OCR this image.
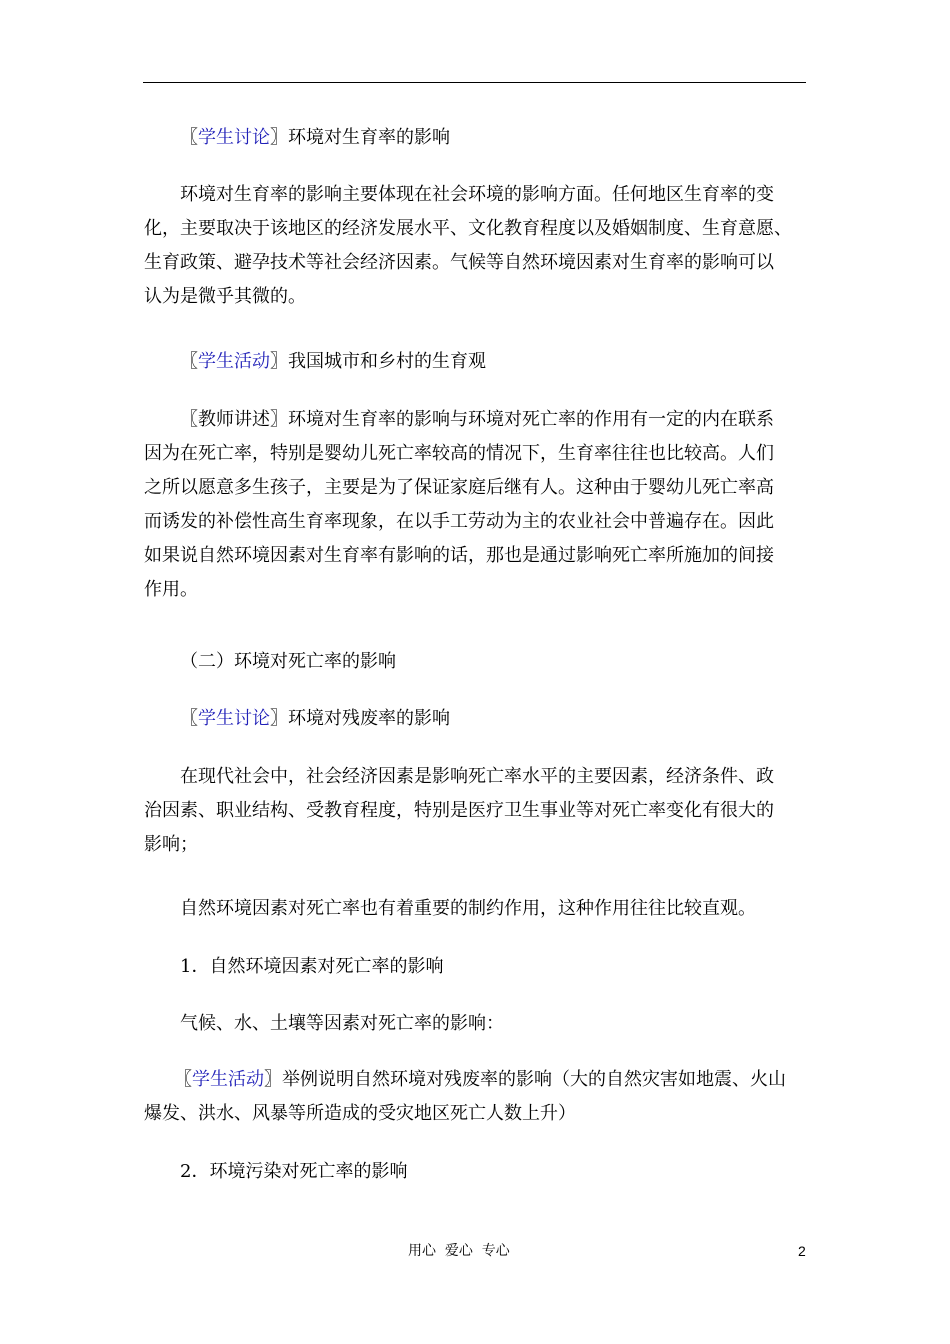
〖学生讨论〗环境对生育率的影响

环境对生育率的影响主要体现在社会环境的影响方面。任何地区生育率的变
化，主要取决于该地区的经济发展水平、文化教育程度以及婚姻制度、生育意愿、
生育政策、避孕技术等社会经济因素。气候等自然环境因素对生育率的影响可以
认为是微乎其微的。

〖学生活动〗我国城市和乡村的生育观

〖教师讲述〗环境对生育率的影响与环境对死亡率的作用有一定的内在联系
因为在死亡率，特别是婴幼儿死亡率较高的情况下，生育率往往也比较高。人们
之所以愿意多生孩子，主要是为了保证家庭后继有人。这种由于婴幼儿死亡率高
而诱发的补偿性高生育率现象，在以手工劳动为主的农业社会中普遍存在。因此
如果说自然环境因素对生育率有影响的话，那也是通过影响死亡率所施加的间接
作用。

（二）环境对死亡率的影响

〖学生讨论〗环境对残废率的影响

在现代社会中，社会经济因素是影响死亡率水平的主要因素，经济条件、政
治因素、职业结构、受教育程度，特别是医疗卫生事业等对死亡率变化有很大的
影响；

自然环境因素对死亡率也有着重要的制约作用，这种作用往往比较直观。

1．自然环境因素对死亡率的影响

气候、水、土壤等因素对死亡率的影响：

〖学生活动〗举例说明自然环境对残废率的影响（大的自然灾害如地震、火山
爆发、洪水、风暴等所造成的受灾地区死亡人数上升）

2．环境污染对死亡率的影响

用心  爱心  专心	2
